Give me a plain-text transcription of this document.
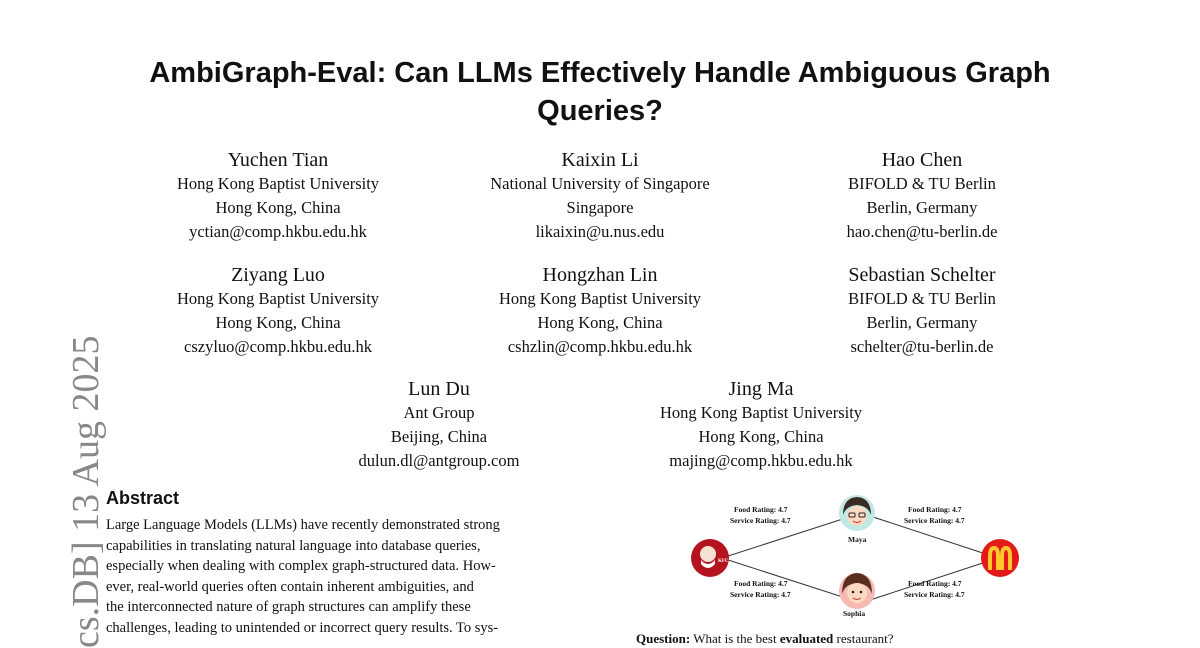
cs.DB] 13 Aug 2025
AmbiGraph-Eval: Can LLMs Effectively Handle Ambiguous Graph Queries?
Yuchen Tian
Hong Kong Baptist University
Hong Kong, China
yctian@comp.hkbu.edu.hk
Kaixin Li
National University of Singapore
Singapore
likaixin@u.nus.edu
Hao Chen
BIFOLD & TU Berlin
Berlin, Germany
hao.chen@tu-berlin.de
Ziyang Luo
Hong Kong Baptist University
Hong Kong, China
cszyluo@comp.hkbu.edu.hk
Hongzhan Lin
Hong Kong Baptist University
Hong Kong, China
cshzlin@comp.hkbu.edu.hk
Sebastian Schelter
BIFOLD & TU Berlin
Berlin, Germany
schelter@tu-berlin.de
Lun Du
Ant Group
Beijing, China
dulun.dl@antgroup.com
Jing Ma
Hong Kong Baptist University
Hong Kong, China
majing@comp.hkbu.edu.hk
Abstract
Large Language Models (LLMs) have recently demonstrated strong
capabilities in translating natural language into database queries,
especially when dealing with complex graph-structured data. How-
ever, real-world queries often contain inherent ambiguities, and
the interconnected nature of graph structures can amplify these
challenges, leading to unintended or incorrect query results. To sys-
Food Rating: 4.7
Service Rating: 4.7
Food Rating: 4.7
Service Rating: 4.7
Food Rating: 4.7
Service Rating: 4.7
Food Rating: 4.7
Service Rating: 4.7
KFC
Maya
Sophia
Question: What is the best evaluated restaurant?
